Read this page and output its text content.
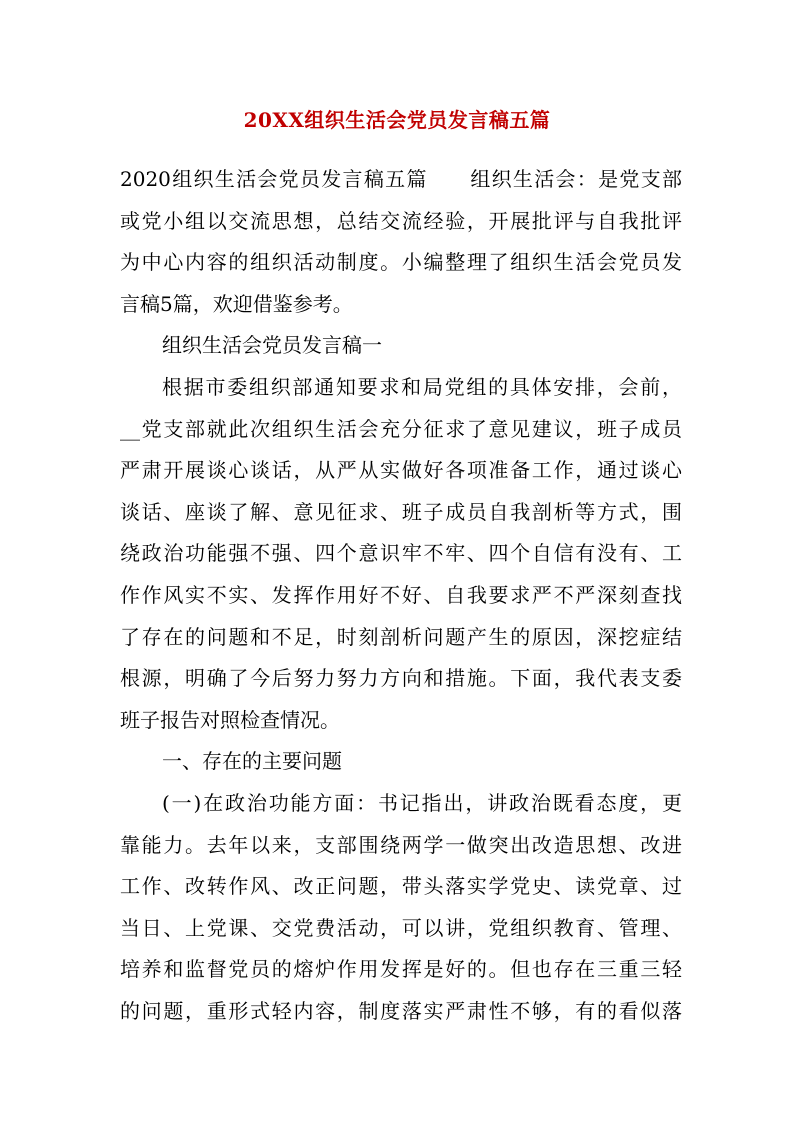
20XX组织生活会党员发言稿五篇
2020组织生活会党员发言稿五篇　　组织生活会：是党支部
或党小组以交流思想，总结交流经验，开展批评与自我批评
为中心内容的组织活动制度。小编整理了组织生活会党员发
言稿5篇，欢迎借鉴参考。
组织生活会党员发言稿一
根据市委组织部通知要求和局党组的具体安排，会前，
__党支部就此次组织生活会充分征求了意见建议，班子成员
严肃开展谈心谈话，从严从实做好各项准备工作，通过谈心
谈话、座谈了解、意见征求、班子成员自我剖析等方式，围
绕政治功能强不强、四个意识牢不牢、四个自信有没有、工
作作风实不实、发挥作用好不好、自我要求严不严深刻查找
了存在的问题和不足，时刻剖析问题产生的原因，深挖症结
根源，明确了今后努力努力方向和措施。下面，我代表支委
班子报告对照检查情况。
一、存在的主要问题
(一)在政治功能方面：书记指出，讲政治既看态度，更
靠能力。去年以来，支部围绕两学一做突出改造思想、改进
工作、改转作风、改正问题，带头落实学党史、读党章、过
当日、上党课、交党费活动，可以讲，党组织教育、管理、
培养和监督党员的熔炉作用发挥是好的。但也存在三重三轻
的问题，重形式轻内容，制度落实严肃性不够，有的看似落
